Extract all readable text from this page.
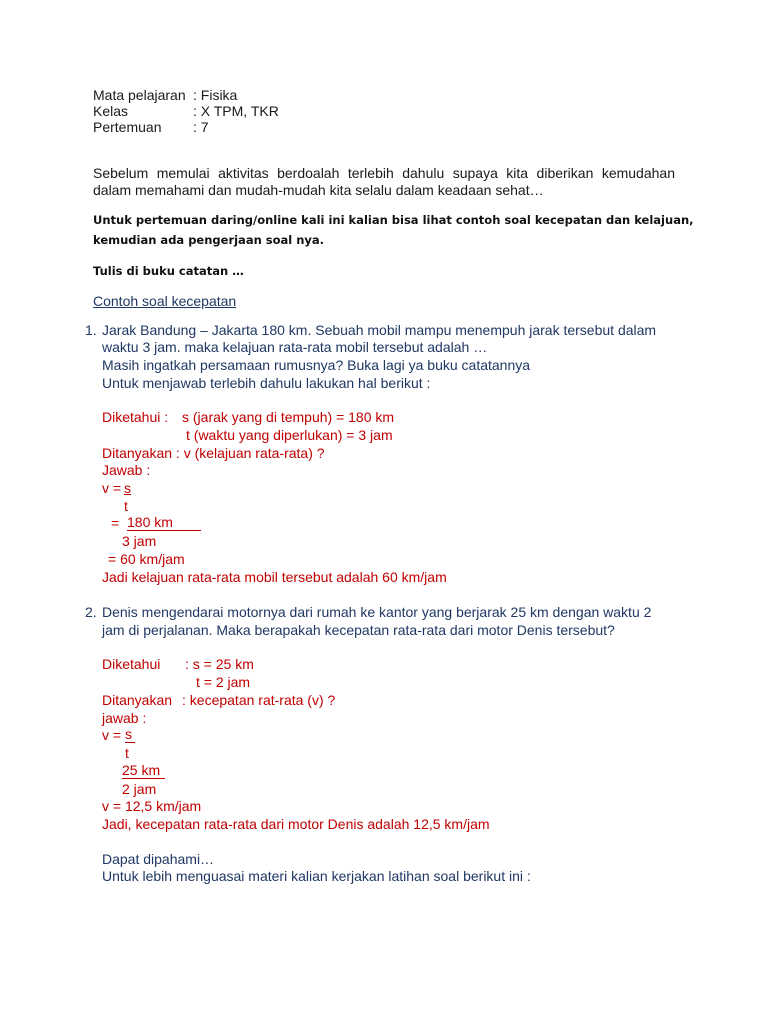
Mata pelajaran : Fisika
Kelas	: X TPM, TKR
Pertemuan : 7
Sebelum memulai aktivitas berdoalah terlebih dahulu supaya kita diberikan kemudahan
dalam memahami dan mudah-mudah kita selalu dalam keadaan sehat…
Untuk pertemuan daring/online kali ini kalian bisa lihat contoh soal kecepatan dan kelajuan,
kemudian ada pengerjaan soal nya.
Tulis di buku catatan …
Contoh soal kecepatan
1. Jarak Bandung – Jakarta 180 km. Sebuah mobil mampu menempuh jarak tersebut dalam
waktu 3 jam. maka kelajuan rata-rata mobil tersebut adalah …
Masih ingatkah persamaan rumusnya? Buka lagi ya buku catatannya
Untuk menjawab terlebih dahulu lakukan hal berikut :
Diketahui : s (jarak yang di tempuh) = 180 km
t (waktu yang diperlukan) = 3 jam
Ditanyakan : v (kelajuan rata-rata) ?
Jawab :
v = s
t
= 180 km
3 jam
= 60 km/jam
Jadi kelajuan rata-rata mobil tersebut adalah 60 km/jam
2. Denis mengendarai motornya dari rumah ke kantor yang berjarak 25 km dengan waktu 2
jam di perjalanan. Maka berapakah kecepatan rata-rata dari motor Denis tersebut?
Diketahui : s = 25 km
t = 2 jam
Ditanyakan : kecepatan rat-rata (v) ?
jawab :
v = s
t
25 km
2 jam
v = 12,5 km/jam
Jadi, kecepatan rata-rata dari motor Denis adalah 12,5 km/jam
Dapat dipahami…
Untuk lebih menguasai materi kalian kerjakan latihan soal berikut ini :
